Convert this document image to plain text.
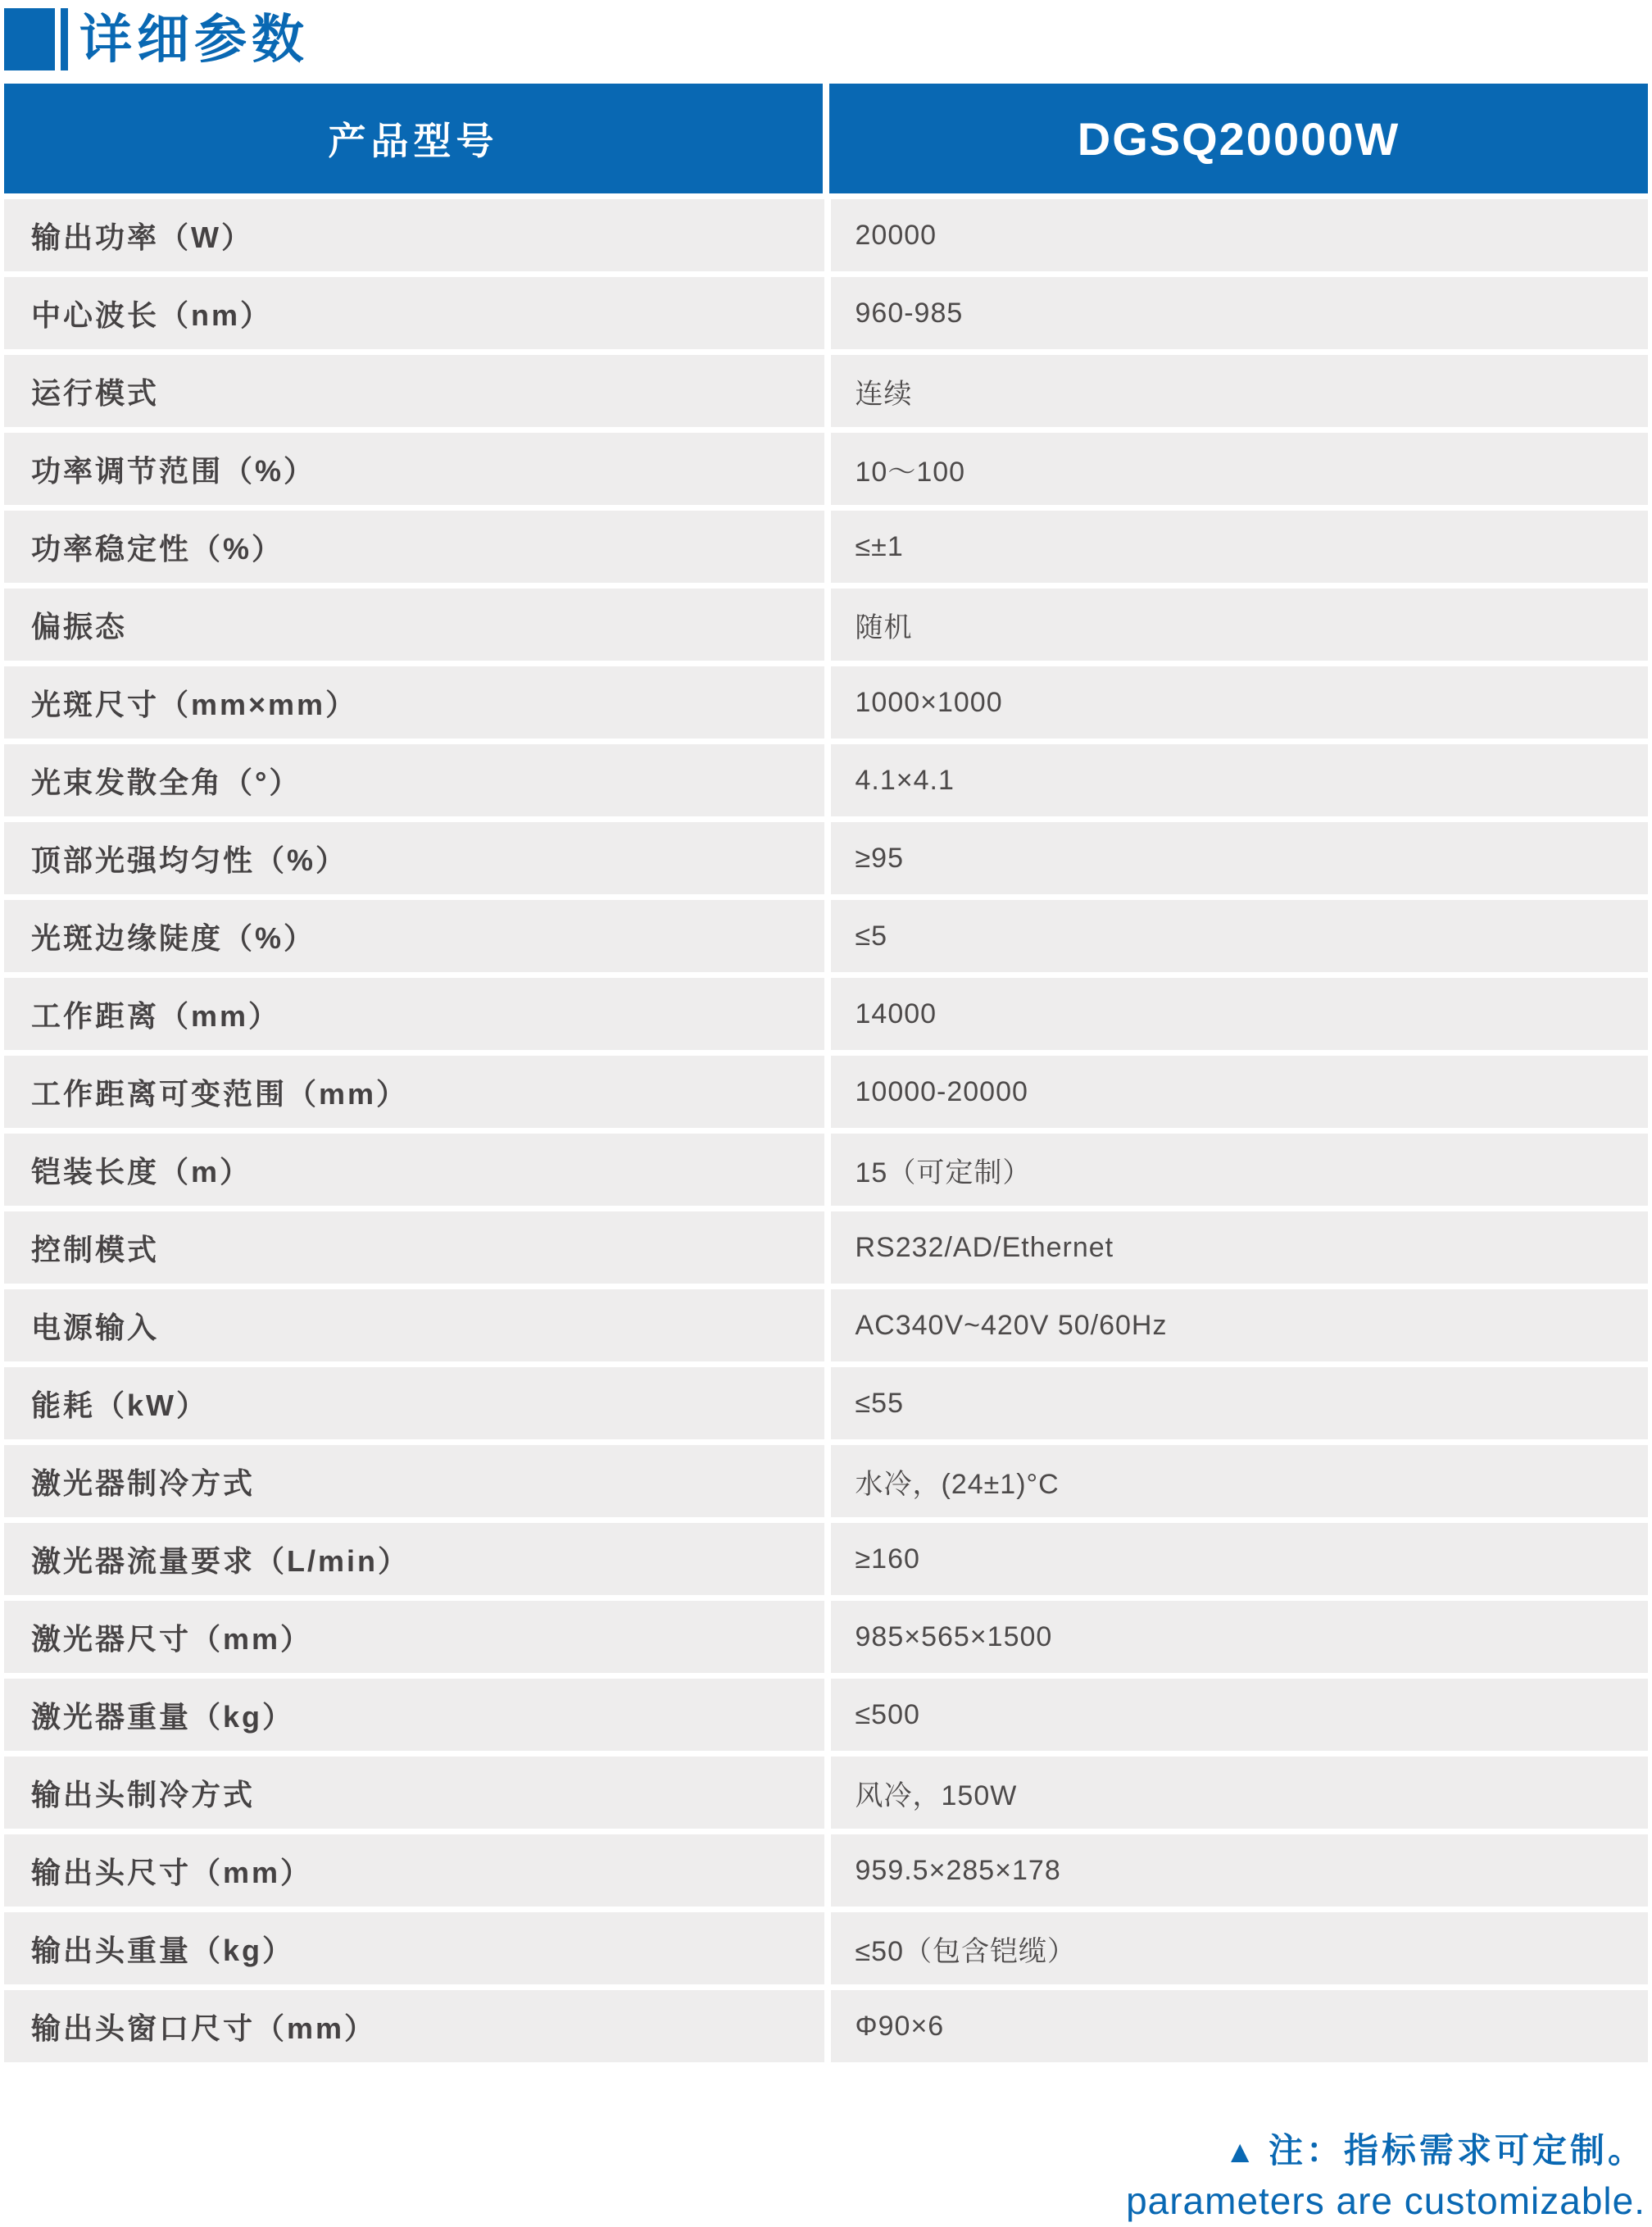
详细参数
产品型号	DGSQ20000W
输出功率（W）	20000
中心波长（nm）	960-985
运行模式	连续
功率调节范围（%）	10～100
功率稳定性（%）	≤±1
偏振态	随机
光斑尺寸（mm×mm）	1000×1000
光束发散全角（°）	4.1×4.1
顶部光强均匀性（%）	≥95
光斑边缘陡度（%）	≤5
工作距离（mm）	14000
工作距离可变范围（mm）	10000-20000
铠装长度（m）	15（可定制）
控制模式	RS232/AD/Ethernet
电源输入	AC340V~420V 50/60Hz
能耗（kW）	≤55
激光器制冷方式	水冷，(24±1)°C
激光器流量要求（L/min）	≥160
激光器尺寸（mm）	985×565×1500
激光器重量（kg）	≤500
输出头制冷方式	风冷，150W
输出头尺寸（mm）	959.5×285×178
输出头重量（kg）	≤50（包含铠缆）
输出头窗口尺寸（mm）	Φ90×6
▲ 注：指标需求可定制。
parameters are customizable.
